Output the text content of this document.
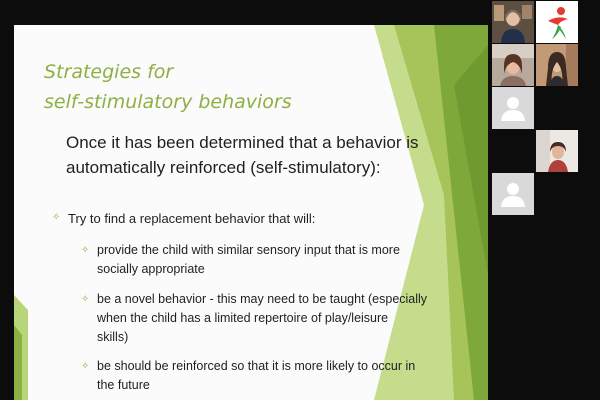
Strategies for
self-stimulatory behaviors
Once it has been determined that a behavior is
automatically reinforced (self-stimulatory):
✧ Try to find a replacement behavior that will:
✧ provide the child with similar sensory input that is more
socially appropriate
✧ be a novel behavior - this may need to be taught (especially
when the child has a limited repertoire of play/leisure
skills)
✧ be should be reinforced so that it is more likely to occur in
the future
